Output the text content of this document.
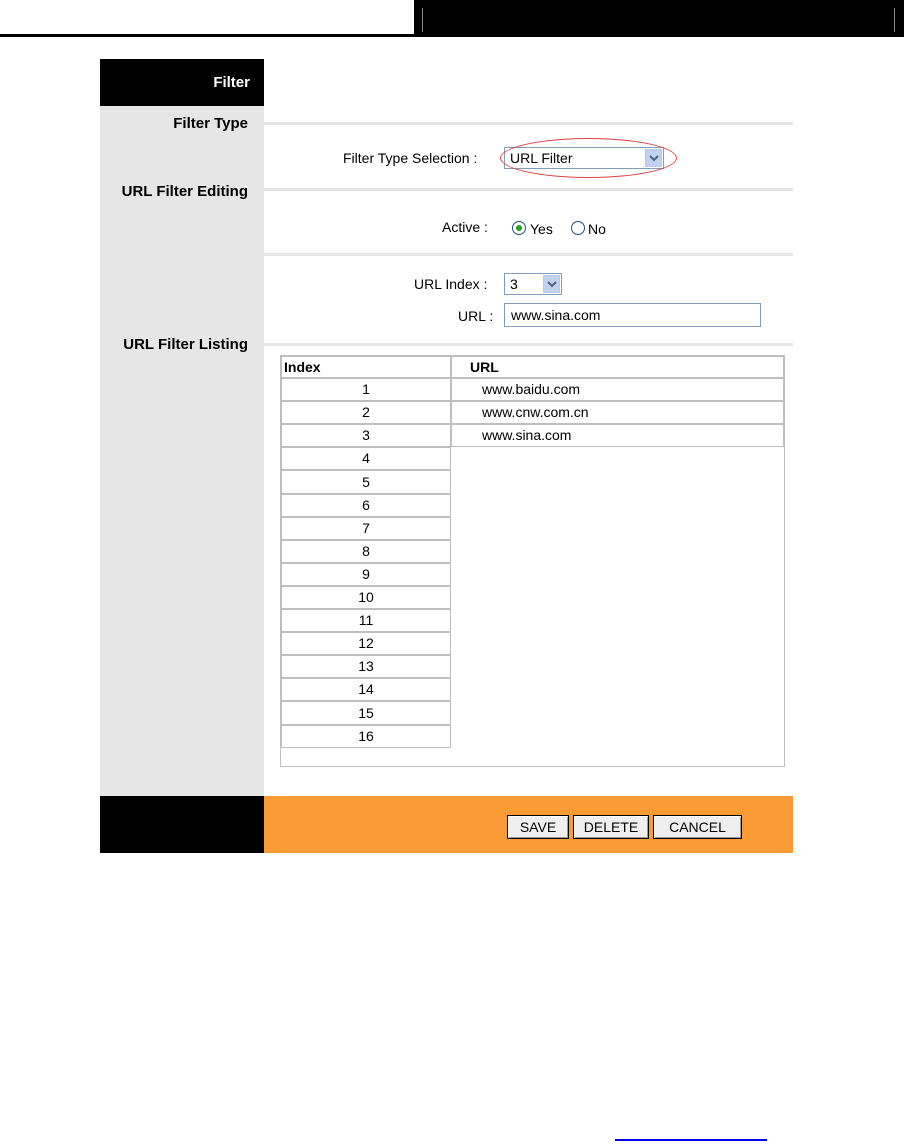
Filter
Filter Type
URL Filter Editing
URL Filter Listing
Filter Type Selection :	URL Filter
Active :	Yes	No
URL Index :	3
URL :	www.sina.com
Index	URL
1	www.baidu.com
2	www.cnw.com.cn
3	www.sina.com
4
5
6
7
8
9
10
11
12
13
14
15
16
SAVE	DELETE	CANCEL
